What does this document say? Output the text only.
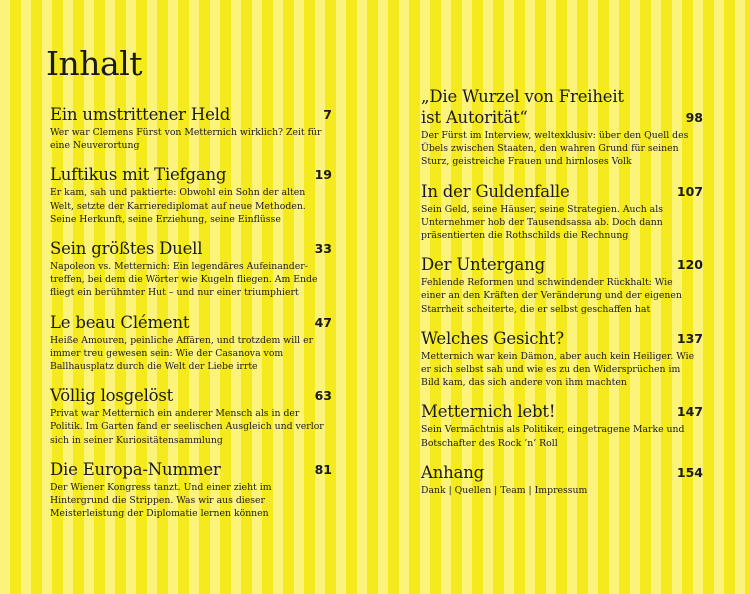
Inhalt
Ein umstrittener Held	7

Wer war Clemens Fürst von Metternich wirklich? Zeit für eine Neuverortung

Luftikus mit Tiefgang	19

Er kam, sah und paktierte: Obwohl ein Sohn der alten Welt, setzte der Karrierediplomat auf neue Methoden. Seine Herkunft, seine Erziehung, seine Einflüsse

Sein größtes Duell	33

Napoleon vs. Metternich: Ein legendäres Aufeinandertreffen, bei dem die Wörter wie Kugeln fliegen. Am Ende fliegt ein berühmter Hut – und nur einer triumphiert

Le beau Clément	47

Heiße Amouren, peinliche Affären, und trotzdem will er immer treu gewesen sein: Wie der Casanova vom Ballhausplatz durch die Welt der Liebe irrte

Völlig losgelöst	63

Privat war Metternich ein anderer Mensch als in der Politik. Im Garten fand er seelischen Ausgleich und verlor sich in seiner Kuriositätensammlung

Die Europa-Nummer	81

Der Wiener Kongress tanzt. Und einer zieht im Hintergrund die Strippen. Was wir aus dieser Meisterleistung der Diplomatie lernen können

„Die Wurzel von Freiheit
ist Autorität“	98

Der Fürst im Interview, weltexklusiv: über den Quell des Übels zwischen Staaten, den wahren Grund für seinen Sturz, geistreiche Frauen und hirnloses Volk

In der Guldenfalle	107

Sein Geld, seine Häuser, seine Strategien. Auch als Unternehmer hob der Tausendsassa ab. Doch dann präsentierten die Rothschilds die Rechnung

Der Untergang	120

Fehlende Reformen und schwindender Rückhalt: Wie einer an den Kräften der Veränderung und der eigenen Starrheit scheiterte, die er selbst geschaffen hat

Welches Gesicht?	137

Metternich war kein Dämon, aber auch kein Heiliger. Wie er sich selbst sah und wie es zu den Widersprüchen im Bild kam, das sich andere von ihm machten

Metternich lebt!	147

Sein Vermächtnis als Politiker, eingetragene Marke und Botschafter des Rock ’n’ Roll

Anhang	154

Dank | Quellen | Team | Impressum
